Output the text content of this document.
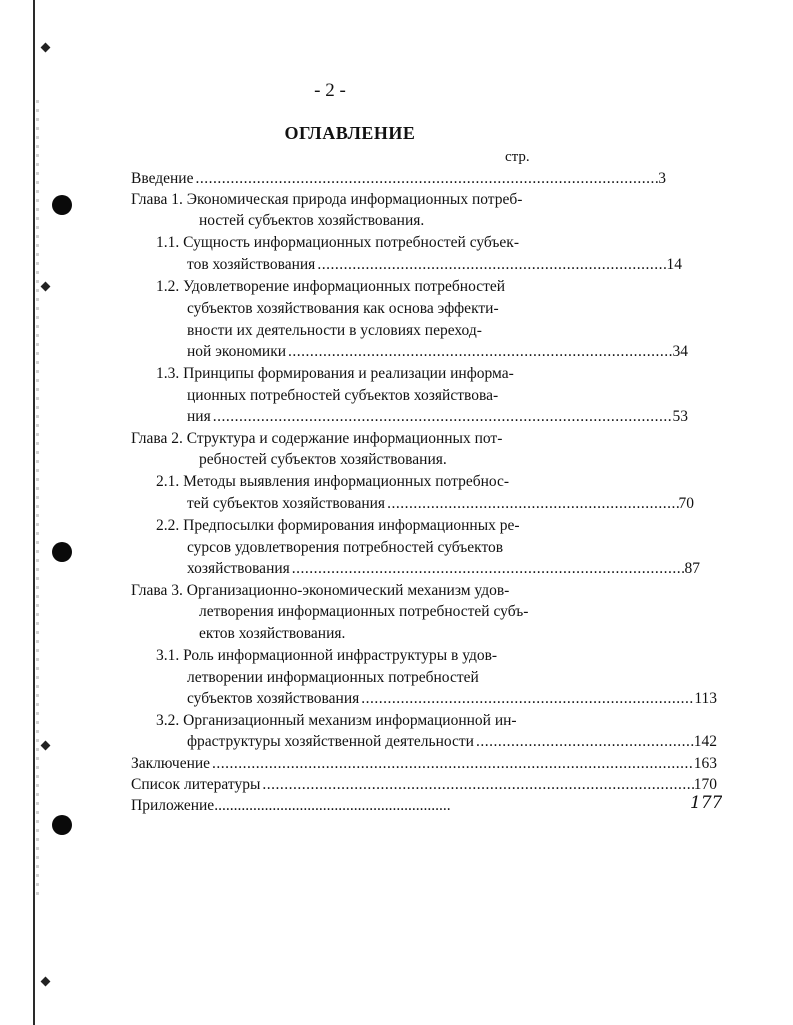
- 2 -
ОГЛАВЛЕНИЕ
стр.
Введение .....	3
Глава 1. Экономическая природа информационных потреб-
ностей субъектов хозяйствования.
1.1. Сущность информационных потребностей субъек-
тов хозяйствования .....	14
1.2. Удовлетворение информационных потребностей
субъектов хозяйствования как основа эффекти-
вности их деятельности в условиях переход-
ной экономики .....	34
1.3. Принципы формирования и реализации информа-
ционных потребностей субъектов хозяйствова-
ния .....	53
Глава 2. Структура и содержание информационных пот-
ребностей субъектов хозяйствования.
2.1. Методы выявления информационных потребнос-
тей субъектов хозяйствования .....	70
2.2. Предпосылки формирования информационных ре-
сурсов удовлетворения потребностей субъектов
хозяйствования .....	87
Глава 3. Организационно-экономический механизм удов-
летворения информационных потребностей субъ-
ектов хозяйствования.
3.1. Роль информационной инфраструктуры в удов-
летворении информационных потребностей
субъектов хозяйствования .....	113
3.2. Организационный механизм информационной ин-
фраструктуры хозяйственной деятельности .....	142
Заключение .....	163
Список литературы .....	170
Приложение.............................................................	177
